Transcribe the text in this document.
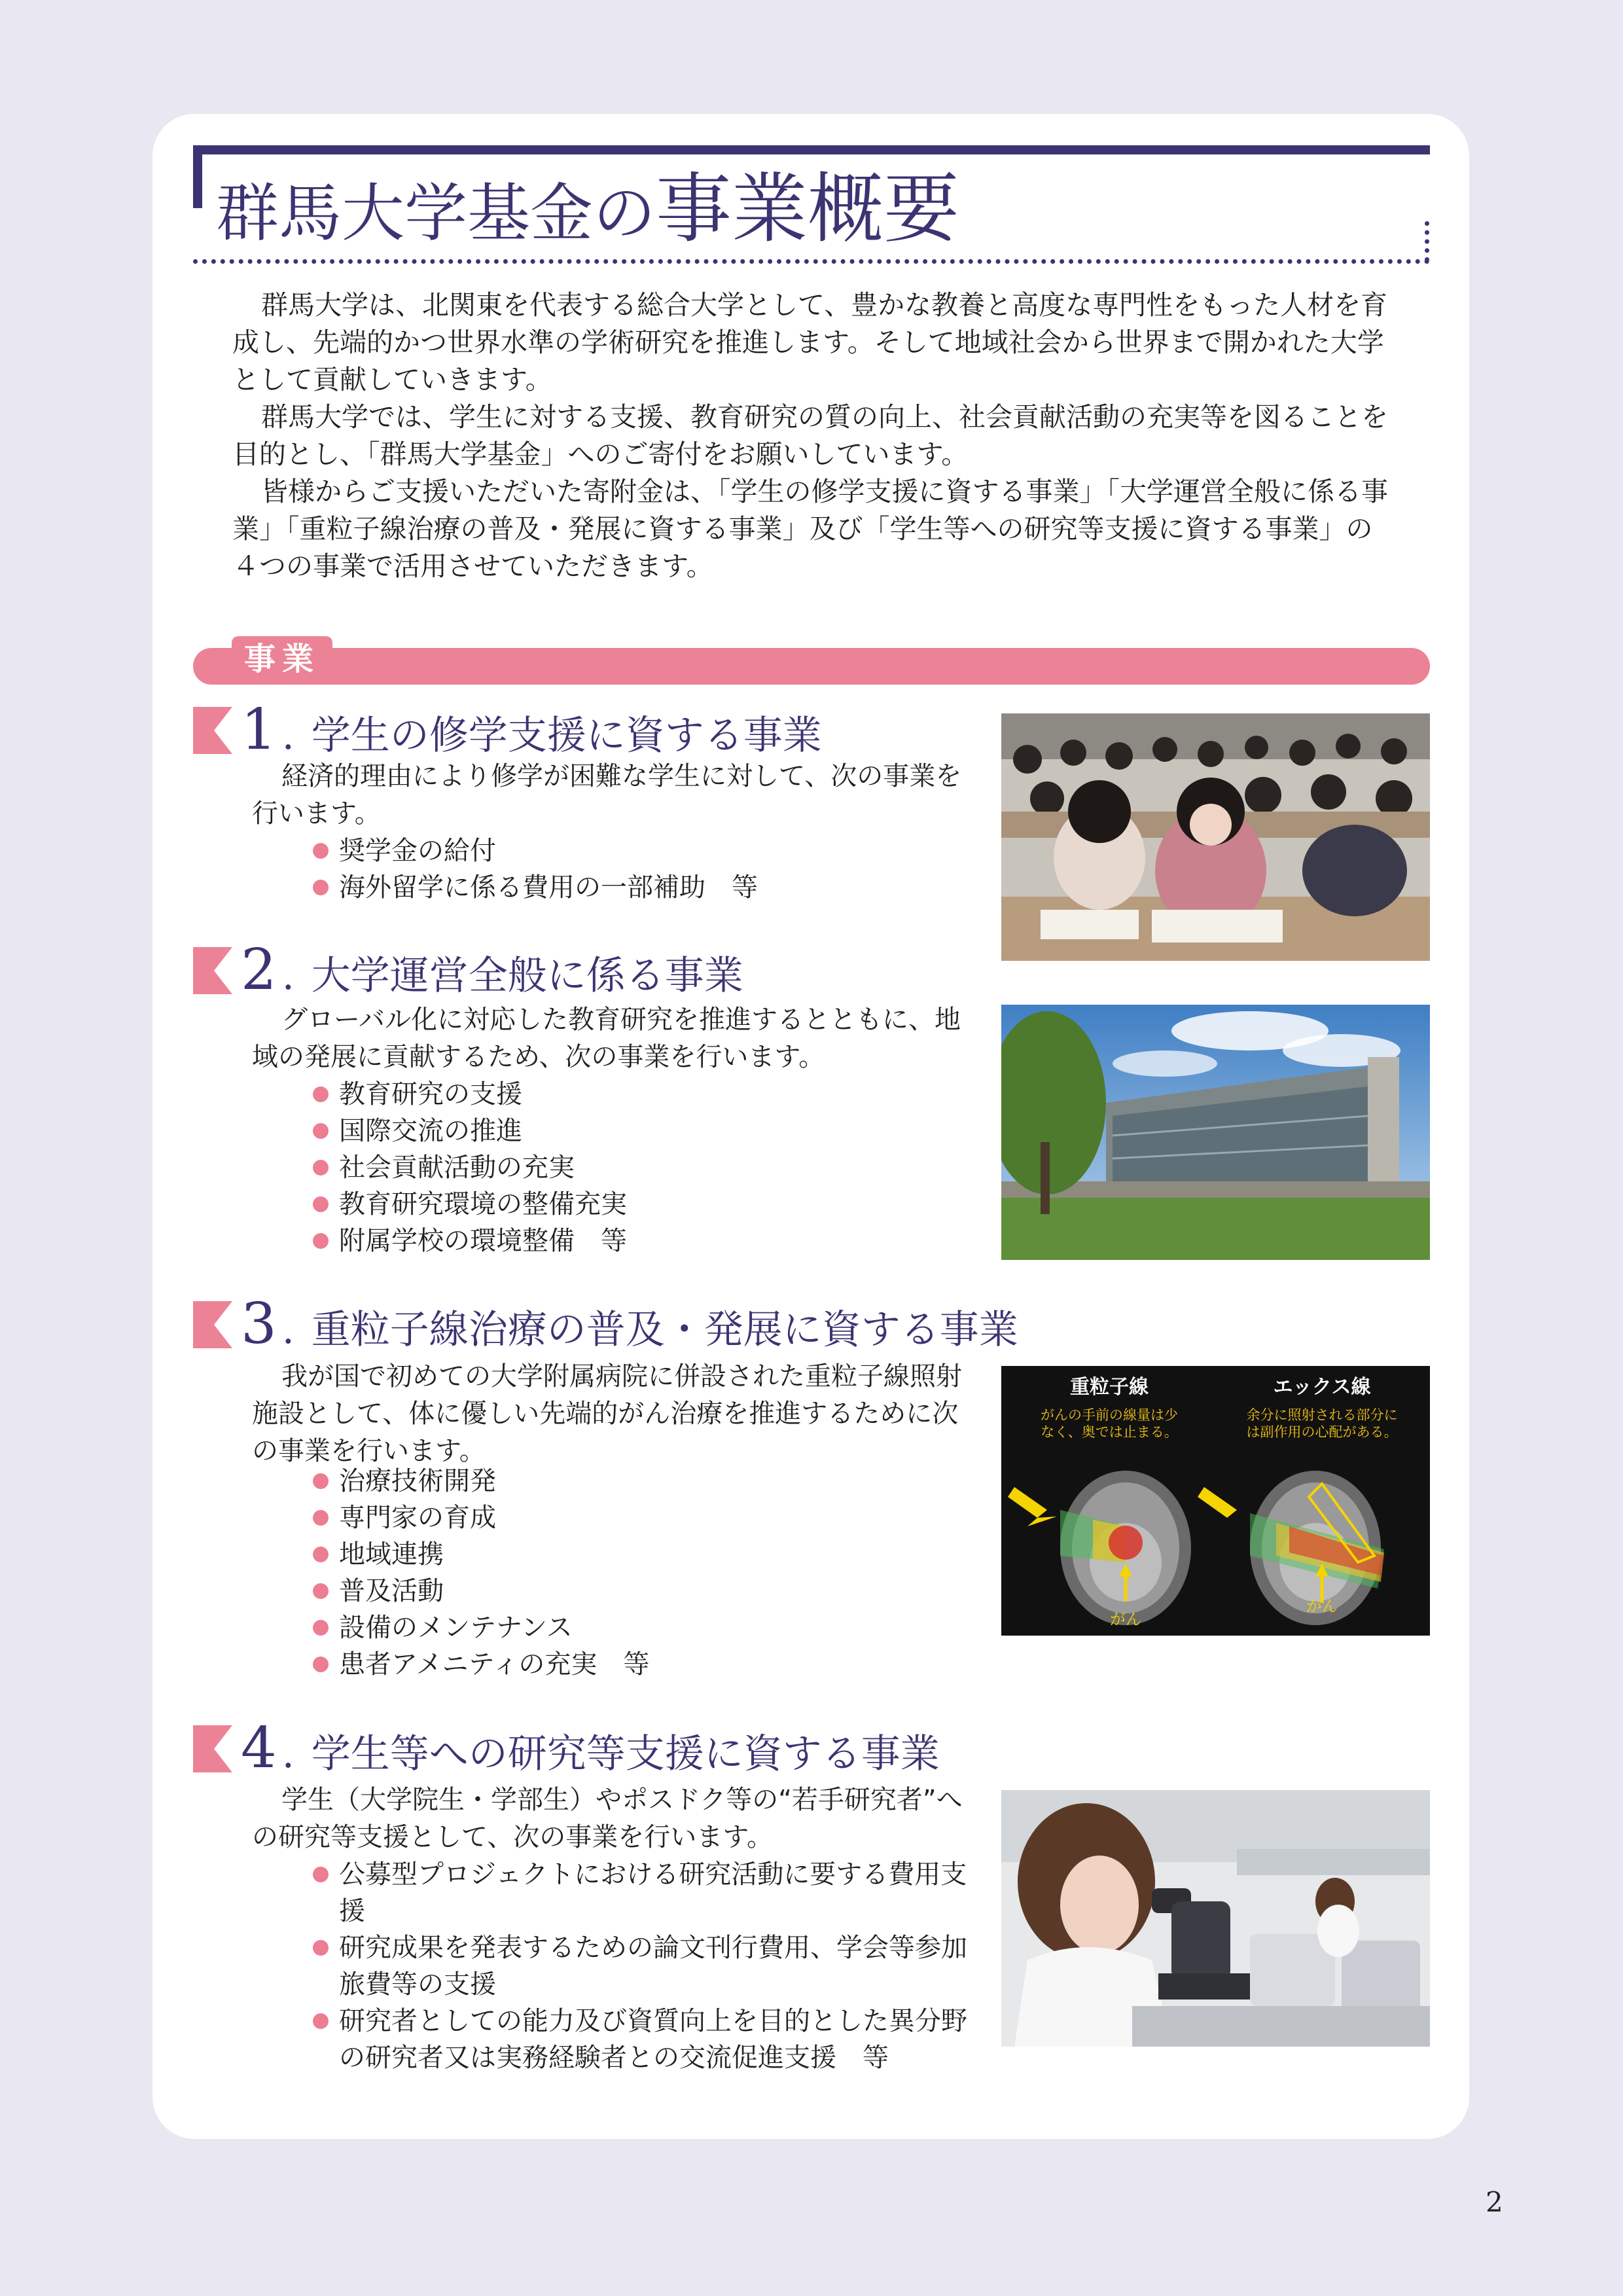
群馬大学基金の事業概要

群馬大学は、北関東を代表する総合大学として、豊かな教養と高度な専門性をもった人材を育成し、先端的かつ世界水準の学術研究を推進します。そして地域社会から世界まで開かれた大学として貢献していきます。

群馬大学では、学生に対する支援、教育研究の質の向上、社会貢献活動の充実等を図ることを目的とし、「群馬大学基金」へのご寄付をお願いしています。

皆様からご支援いただいた寄附金は、「学生の修学支援に資する事業」「大学運営全般に係る事業」「重粒子線治療の普及・発展に資する事業」及び「学生等への研究等支援に資する事業」の４つの事業で活用させていただきます。

事業
1 . 学生の修学支援に資する事業

経済的理由により修学が困難な学生に対して、次の事業を行います。

奨学金の給付
海外留学に係る費用の一部補助　等
2 . 大学運営全般に係る事業

グローバル化に対応した教育研究を推進するとともに、地域の発展に貢献するため、次の事業を行います。

教育研究の支援
国際交流の推進
社会貢献活動の充実
教育研究環境の整備充実
附属学校の環境整備　等
3 . 重粒子線治療の普及・発展に資する事業

我が国で初めての大学附属病院に併設された重粒子線照射施設として、体に優しい先端的がん治療を推進するために次の事業を行います。

治療技術開発
専門家の育成
地域連携
普及活動
設備のメンテナンス
患者アメニティの充実　等
重粒子線	エックス線
がんの手前の線量は少
なく、奥では止まる。
余分に照射される部分に
は副作用の心配がある。
がん
がん
4 . 学生等への研究等支援に資する事業

学生（大学院生・学部生）やポスドク等の“若手研究者”への研究等支援として、次の事業を行います。

公募型プロジェクトにおける研究活動に要する費用支援
研究成果を発表するための論文刊行費用、学会等参加旅費等の支援
研究者としての能力及び資質向上を目的とした異分野の研究者又は実務経験者との交流促進支援　等
2
